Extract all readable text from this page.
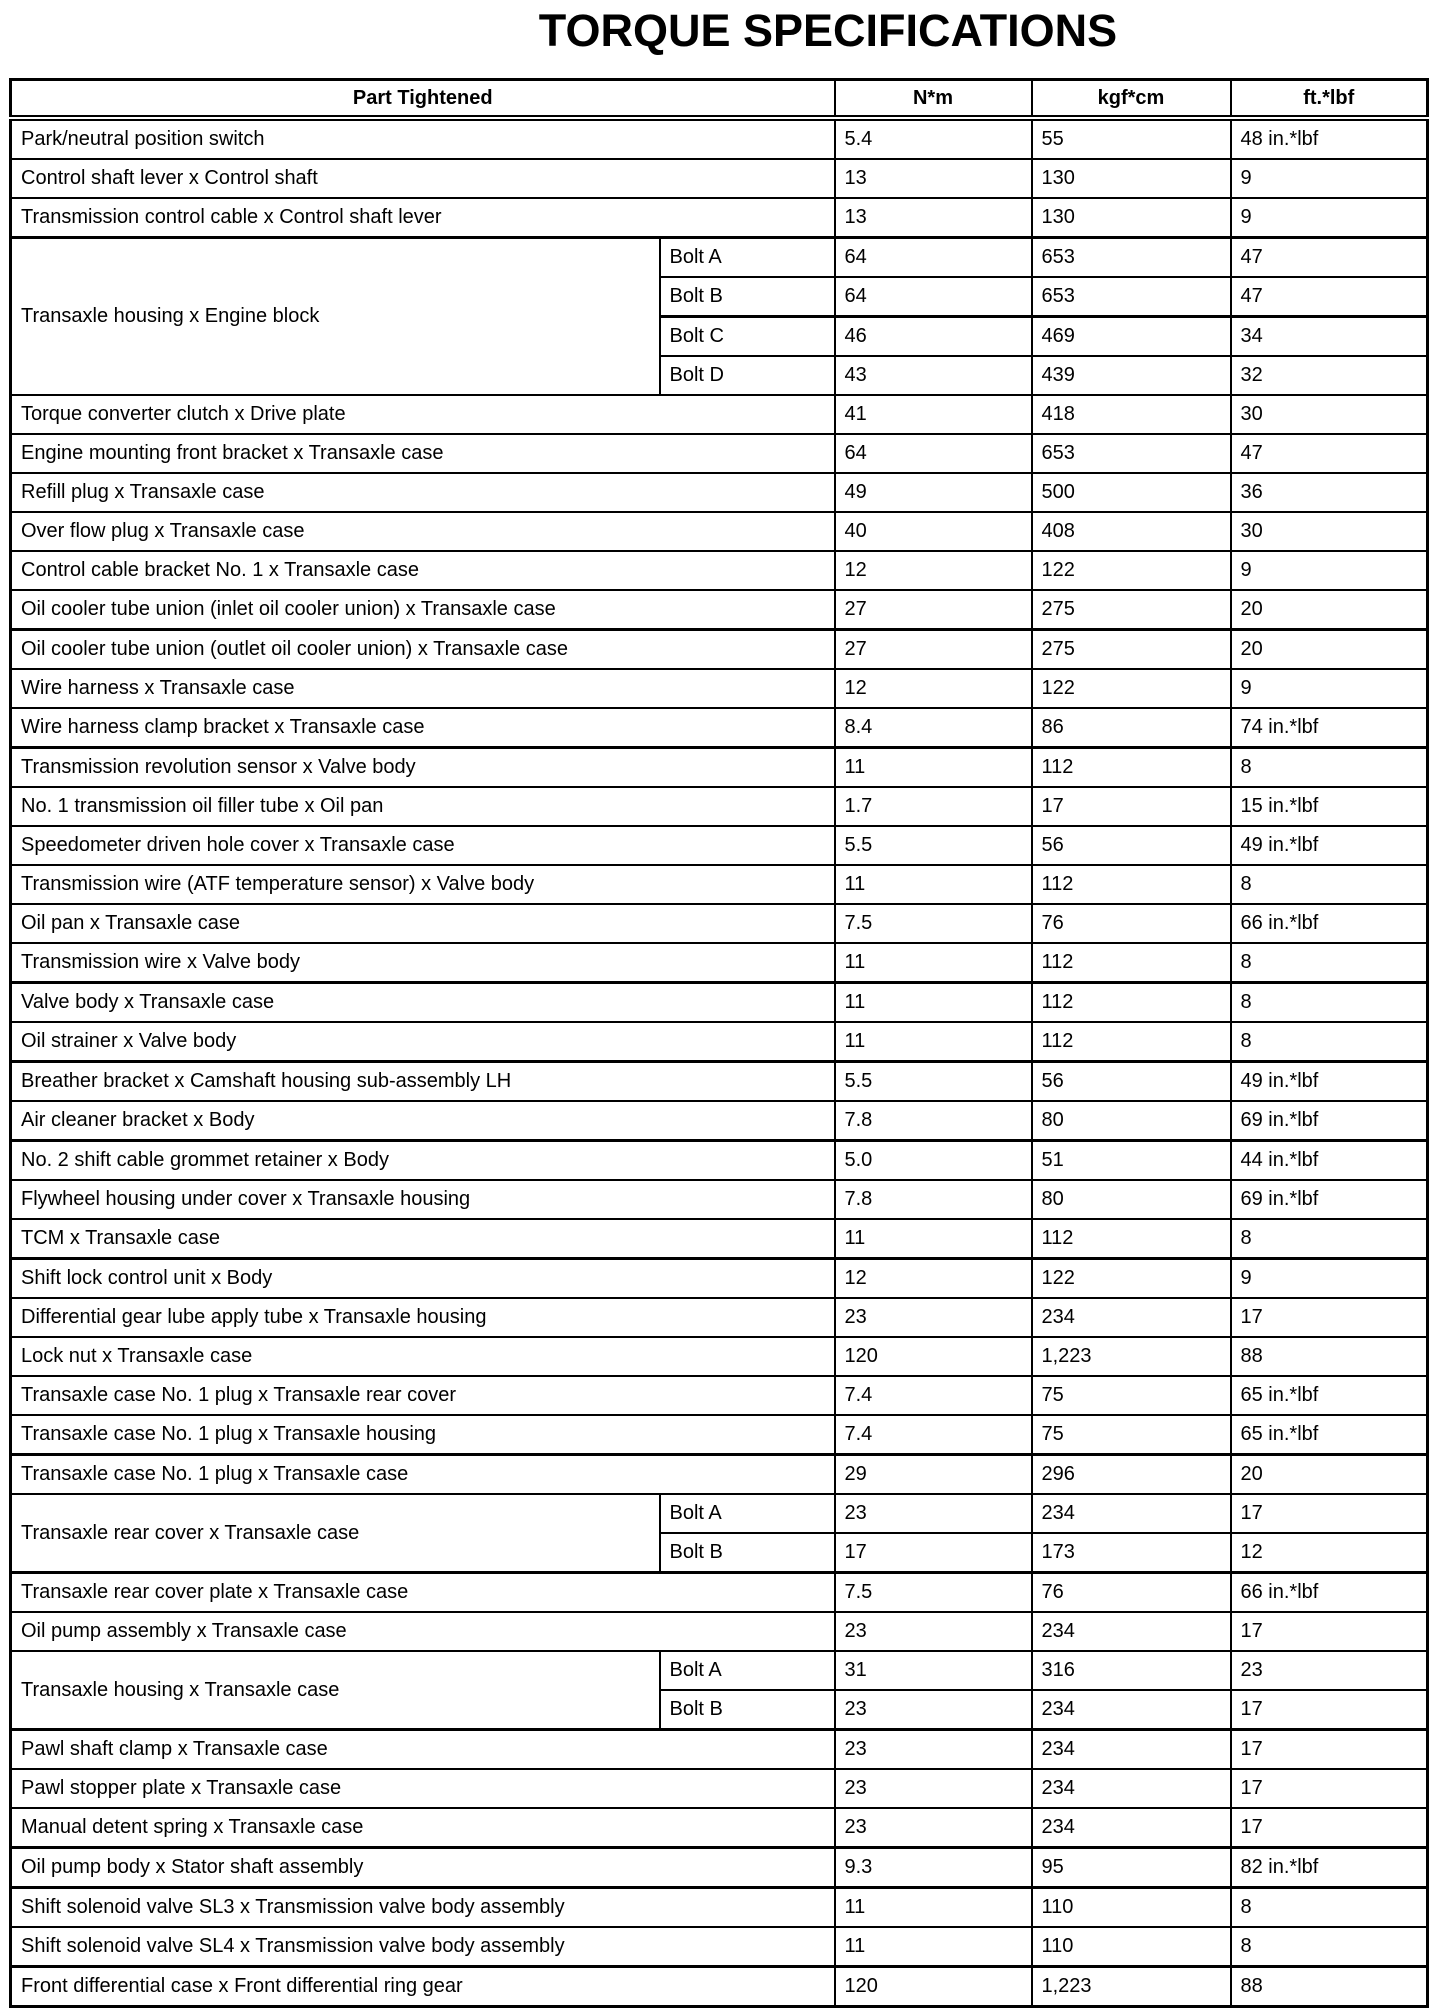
TORQUE SPECIFICATIONS
Part Tightened		N*m	kgf*cm	ft.*lbf
Park/neutral position switch		5.4	55	48 in.*lbf
Control shaft lever x Control shaft		13	130	9
Transmission control cable x Control shaft lever		13	130	9
Transaxle housing x Engine block	Bolt A	64	653	47
	Bolt B	64	653	47
	Bolt C	46	469	34
	Bolt D	43	439	32
Torque converter clutch x Drive plate		41	418	30
Engine mounting front bracket x Transaxle case		64	653	47
Refill plug x Transaxle case		49	500	36
Over flow plug x Transaxle case		40	408	30
Control cable bracket No. 1 x Transaxle case		12	122	9
Oil cooler tube union (inlet oil cooler union) x Transaxle case		27	275	20
Oil cooler tube union (outlet oil cooler union) x Transaxle case		27	275	20
Wire harness x Transaxle case		12	122	9
Wire harness clamp bracket x Transaxle case		8.4	86	74 in.*lbf
Transmission revolution sensor x Valve body		11	112	8
No. 1 transmission oil filler tube x Oil pan		1.7	17	15 in.*lbf
Speedometer driven hole cover x Transaxle case		5.5	56	49 in.*lbf
Transmission wire (ATF temperature sensor) x Valve body		11	112	8
Oil pan x Transaxle case		7.5	76	66 in.*lbf
Transmission wire x Valve body		11	112	8
Valve body x Transaxle case		11	112	8
Oil strainer x Valve body		11	112	8
Breather bracket x Camshaft housing sub-assembly LH		5.5	56	49 in.*lbf
Air cleaner bracket x Body		7.8	80	69 in.*lbf
No. 2 shift cable grommet retainer x Body		5.0	51	44 in.*lbf
Flywheel housing under cover x Transaxle housing		7.8	80	69 in.*lbf
TCM x Transaxle case		11	112	8
Shift lock control unit x Body		12	122	9
Differential gear lube apply tube x Transaxle housing		23	234	17
Lock nut x Transaxle case		120	1,223	88
Transaxle case No. 1 plug x Transaxle rear cover		7.4	75	65 in.*lbf
Transaxle case No. 1 plug x Transaxle housing		7.4	75	65 in.*lbf
Transaxle case No. 1 plug x Transaxle case		29	296	20
Transaxle rear cover x Transaxle case	Bolt A	23	234	17
	Bolt B	17	173	12
Transaxle rear cover plate x Transaxle case		7.5	76	66 in.*lbf
Oil pump assembly x Transaxle case		23	234	17
Transaxle housing x Transaxle case	Bolt A	31	316	23
	Bolt B	23	234	17
Pawl shaft clamp x Transaxle case		23	234	17
Pawl stopper plate x Transaxle case		23	234	17
Manual detent spring x Transaxle case		23	234	17
Oil pump body x Stator shaft assembly		9.3	95	82 in.*lbf
Shift solenoid valve SL3 x Transmission valve body assembly		11	110	8
Shift solenoid valve SL4 x Transmission valve body assembly		11	110	8
Front differential case x Front differential ring gear		120	1,223	88
